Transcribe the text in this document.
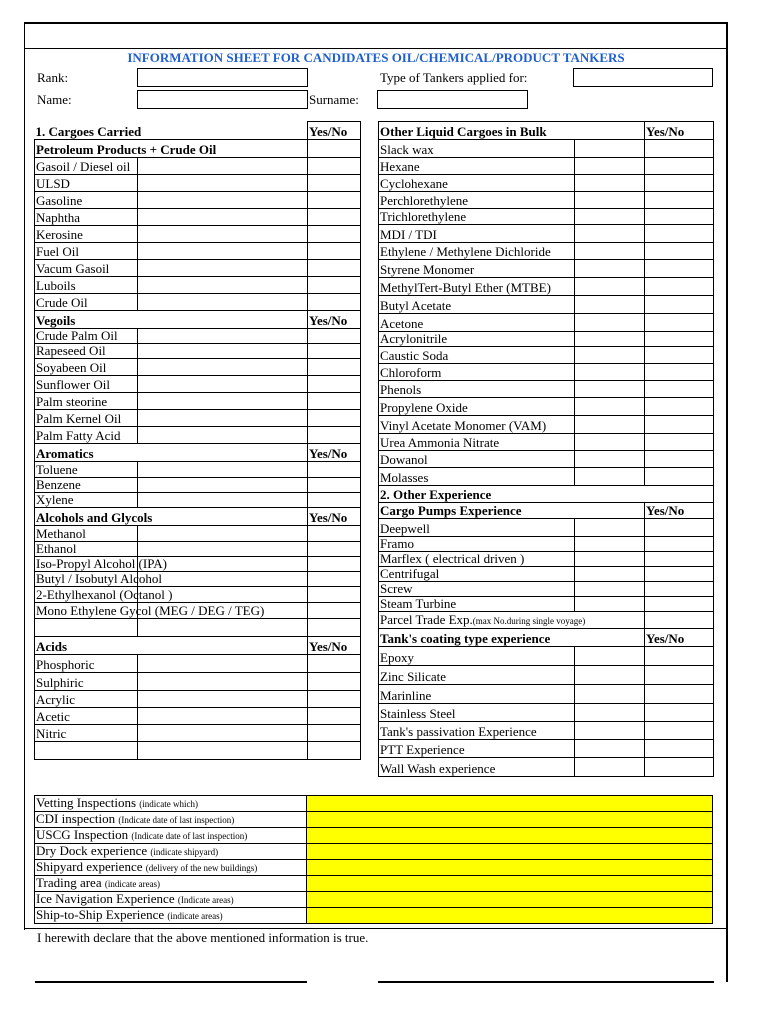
INFORMATION SHEET FOR CANDIDATES OIL/CHEMICAL/PRODUCT TANKERS
Rank:	Type of Tankers applied for:
Name:	Surname:
1. Cargoes Carried		Yes/No
Petroleum Products + Crude Oil		
Gasoil / Diesel oil		
ULSD		
Gasoline		
Naphtha		
Kerosine		
Fuel Oil		
Vacum Gasoil		
Luboils		
Crude Oil		
Vegoils		Yes/No
Crude Palm Oil		
Rapeseed Oil		
Soyabeen Oil		
Sunflower Oil		
Palm steorine		
Palm Kernel Oil		
Palm Fatty Acid		
Aromatics		Yes/No
Toluene		
Benzene		
Xylene		
Alcohols and Glycols		Yes/No
Methanol		
Ethanol		
Iso-Propyl Alcohol (IPA)		
Butyl / Isobutyl Alcohol		
2-Ethylhexanol (Octanol )		
Mono Ethylene Gycol (MEG / DEG / TEG)		

Acids		Yes/No
Phosphoric		
Sulphiric		
Acrylic		
Acetic		
Nitric		

Other Liquid Cargoes in Bulk		Yes/No
Slack wax		
Hexane		
Cyclohexane		
Perchlorethylene		
Trichlorethylene		
MDI / TDI		
Ethylene / Methylene Dichloride		
Styrene Monomer		
MethylTert-Butyl Ether (MTBE)		
Butyl Acetate		
Acetone		
Acrylonitrile		
Caustic Soda		
Chloroform		
Phenols		
Propylene Oxide		
Vinyl Acetate Monomer (VAM)		
Urea Ammonia Nitrate		
Dowanol		
Molasses		
2. Other Experience		
Cargo Pumps Experience		Yes/No
Deepwell		
Framo		
Marflex ( electrical driven )		
Centrifugal		
Screw		
Steam Turbine		
Parcel Trade Exp.(max No.during single voyage)		
Tank's coating type experience		Yes/No
Epoxy		
Zinc Silicate		
Marinline		
Stainless Steel		
Tank's passivation Experience		
PTT Experience		
Wall Wash experience		
Vetting Inspections (indicate which)	
CDI inspection (Indicate date of last inspection)	
USCG Inspection (Indicate date of last inspection)	
Dry Dock experience (indicate shipyard)	
Shipyard experience (delivery of the new buildings)	
Trading area (indicate areas)	
Ice Navigation Experience (Indicate areas)	
Ship-to-Ship Experience (indicate areas)	
I herewith declare that the above mentioned information is true.
